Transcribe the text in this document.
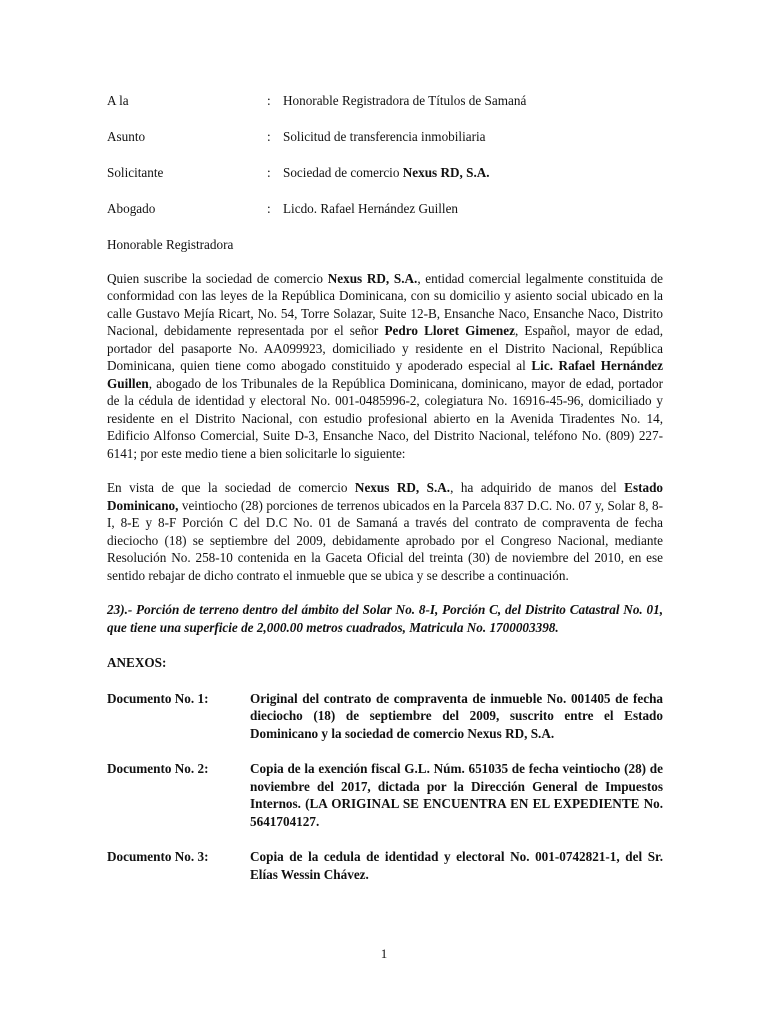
A la	: Honorable Registradora de Títulos de Samaná
Asunto	: Solicitud de transferencia inmobiliaria
Solicitante	: Sociedad de comercio Nexus RD, S.A.
Abogado	: Licdo. Rafael Hernández Guillen
Honorable Registradora

Quien suscribe la sociedad de comercio Nexus RD, S.A., entidad comercial legalmente constituida de conformidad con las leyes de la República Dominicana, con su domicilio y asiento social ubicado en la calle Gustavo Mejía Ricart, No. 54, Torre Solazar, Suite 12-B, Ensanche Naco, Ensanche Naco, Distrito Nacional, debidamente representada por el señor Pedro Lloret Gimenez, Español, mayor de edad, portador del pasaporte No. AA099923, domiciliado y residente en el Distrito Nacional, República Dominicana, quien tiene como abogado constituido y apoderado especial al Lic. Rafael Hernández Guillen, abogado de los Tribunales de la República Dominicana, dominicano, mayor de edad, portador de la cédula de identidad y electoral No. 001-0485996-2, colegiatura No. 16916-45-96, domiciliado y residente en el Distrito Nacional, con estudio profesional abierto en la Avenida Tiradentes No. 14, Edificio Alfonso Comercial, Suite D-3, Ensanche Naco, del Distrito Nacional, teléfono No. (809) 227-6141; por este medio tiene a bien solicitarle lo siguiente:

En vista de que la sociedad de comercio Nexus RD, S.A., ha adquirido de manos del Estado Dominicano, veintiocho (28) porciones de terrenos ubicados en la Parcela 837 D.C. No. 07 y, Solar 8, 8-I, 8-E y 8-F Porción C del D.C No. 01 de Samaná a través del contrato de compraventa de fecha dieciocho (18) se septiembre del 2009, debidamente aprobado por el Congreso Nacional, mediante Resolución No. 258-10 contenida en la Gaceta Oficial del treinta (30) de noviembre del 2010, en ese sentido rebajar de dicho contrato el inmueble que se ubica y se describe a continuación.

23).- Porción de terreno dentro del ámbito del Solar No. 8-I, Porción C, del Distrito Catastral No. 01, que tiene una superficie de 2,000.00 metros cuadrados, Matricula No. 1700003398.

ANEXOS:
Documento No. 1:	Original del contrato de compraventa de inmueble No. 001405 de fecha dieciocho (18) de septiembre del 2009, suscrito entre el Estado Dominicano y la sociedad de comercio Nexus RD, S.A.
Documento No. 2:	Copia de la exención fiscal G.L. Núm. 651035 de fecha veintiocho (28) de noviembre del 2017, dictada por la Dirección General de Impuestos Internos. (LA ORIGINAL SE ENCUENTRA EN EL EXPEDIENTE No. 5641704127.
Documento No. 3:	Copia de la cedula de identidad y electoral No. 001-0742821-1, del Sr. Elías Wessin Chávez.
1
